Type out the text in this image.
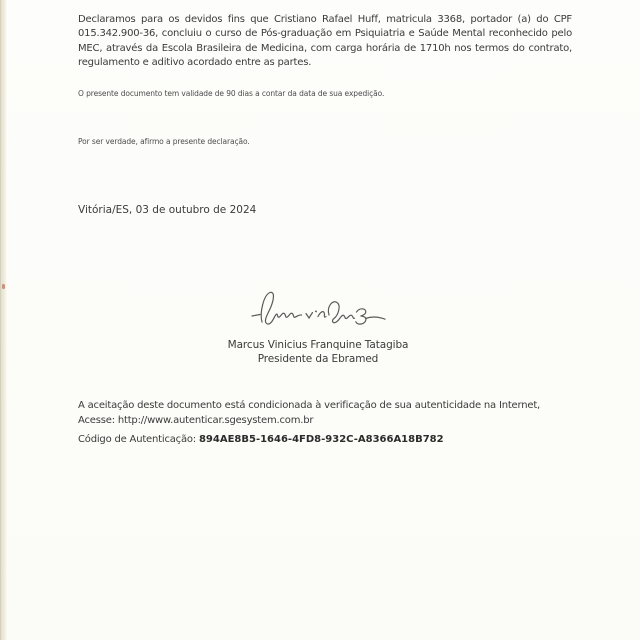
Declaramos para os devidos fins que Cristiano Rafael Huff, matricula 3368, portador (a) do CPF 015.342.900-36, concluiu o curso de Pós-graduação em Psiquiatria e Saúde Mental reconhecido pelo MEC, através da Escola Brasileira de Medicina, com carga horária de 1710h nos termos do contrato, regulamento e aditivo acordado entre as partes.

O presente documento tem validade de 90 dias a contar da data de sua expedição.

Por ser verdade, afirmo a presente declaração.

Vitória/ES, 03 de outubro de 2024

Marcus Vinicius Franquine Tatagiba
Presidente da Ebramed
A aceitação deste documento está condicionada à verificação de sua autenticidade na Internet,
Acesse: http://www.autenticar.sgesystem.com.br

Código de Autenticação: 894AE8B5-1646-4FD8-932C-A8366A18B782
